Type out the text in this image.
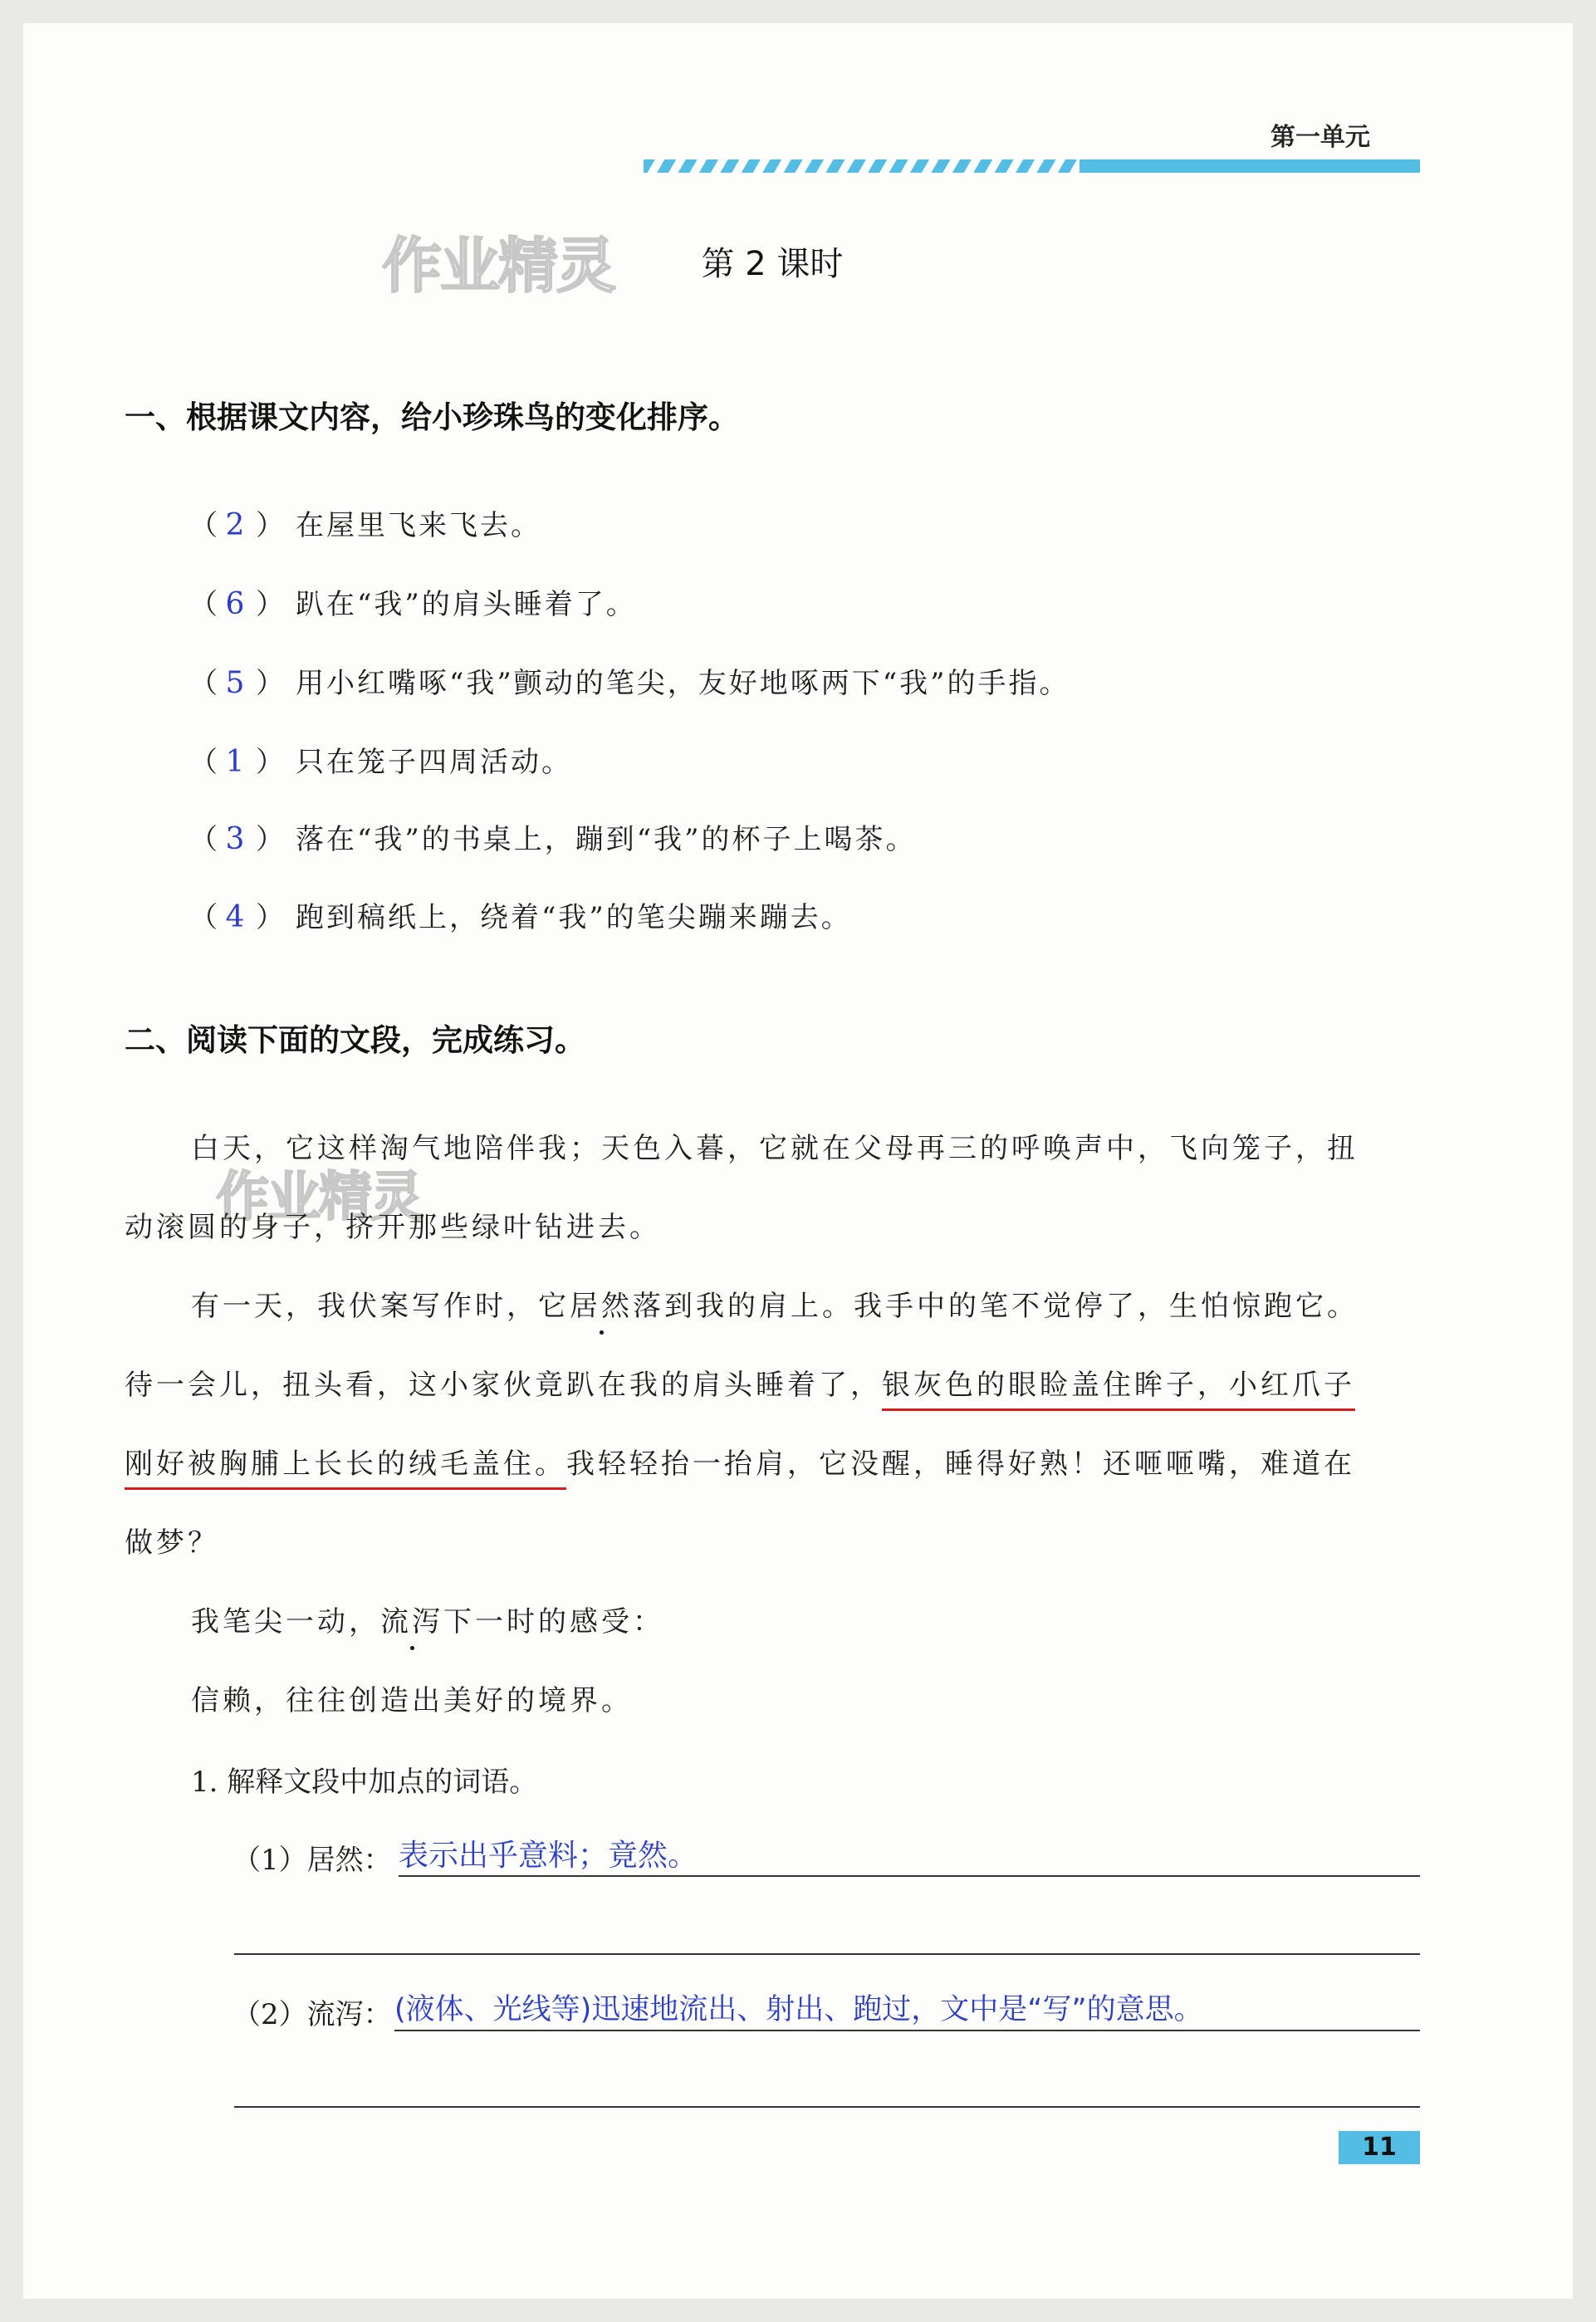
第一单元
作业精灵	第 2 课时
一、根据课文内容，给小珍珠鸟的变化排序。
（ 2 ） 在屋里飞来飞去。
（ 6 ） 趴在“我”的肩头睡着了。
（ 5 ） 用小红嘴啄“我”颤动的笔尖，友好地啄两下“我”的手指。
（ 1 ） 只在笼子四周活动。
（ 3 ） 落在“我”的书桌上，蹦到“我”的杯子上喝茶。
（ 4 ） 跑到稿纸上，绕着“我”的笔尖蹦来蹦去。
二、阅读下面的文段，完成练习。
作业精灵
白天，它这样淘气地陪伴我；天色入暮，它就在父母再三的呼唤声中，飞向笼子，扭
动滚圆的身子，挤开那些绿叶钻进去。
有一天，我伏案写作时，它居然落到我的肩上。我手中的笔不觉停了，生怕惊跑它。
待一会儿，扭头看，这小家伙竟趴在我的肩头睡着了，银灰色的眼睑盖住眸子，小红爪子
刚好被胸脯上长长的绒毛盖住。我轻轻抬一抬肩，它没醒，睡得好熟！还咂咂嘴，难道在
做梦？
我笔尖一动，流泻下一时的感受：
信赖，往往创造出美好的境界。
1. 解释文段中加点的词语。
（1）居然： 表示出乎意料；竟然。
（2）流泻： (液体、光线等)迅速地流出、射出、跑过，文中是“写”的意思。
11
